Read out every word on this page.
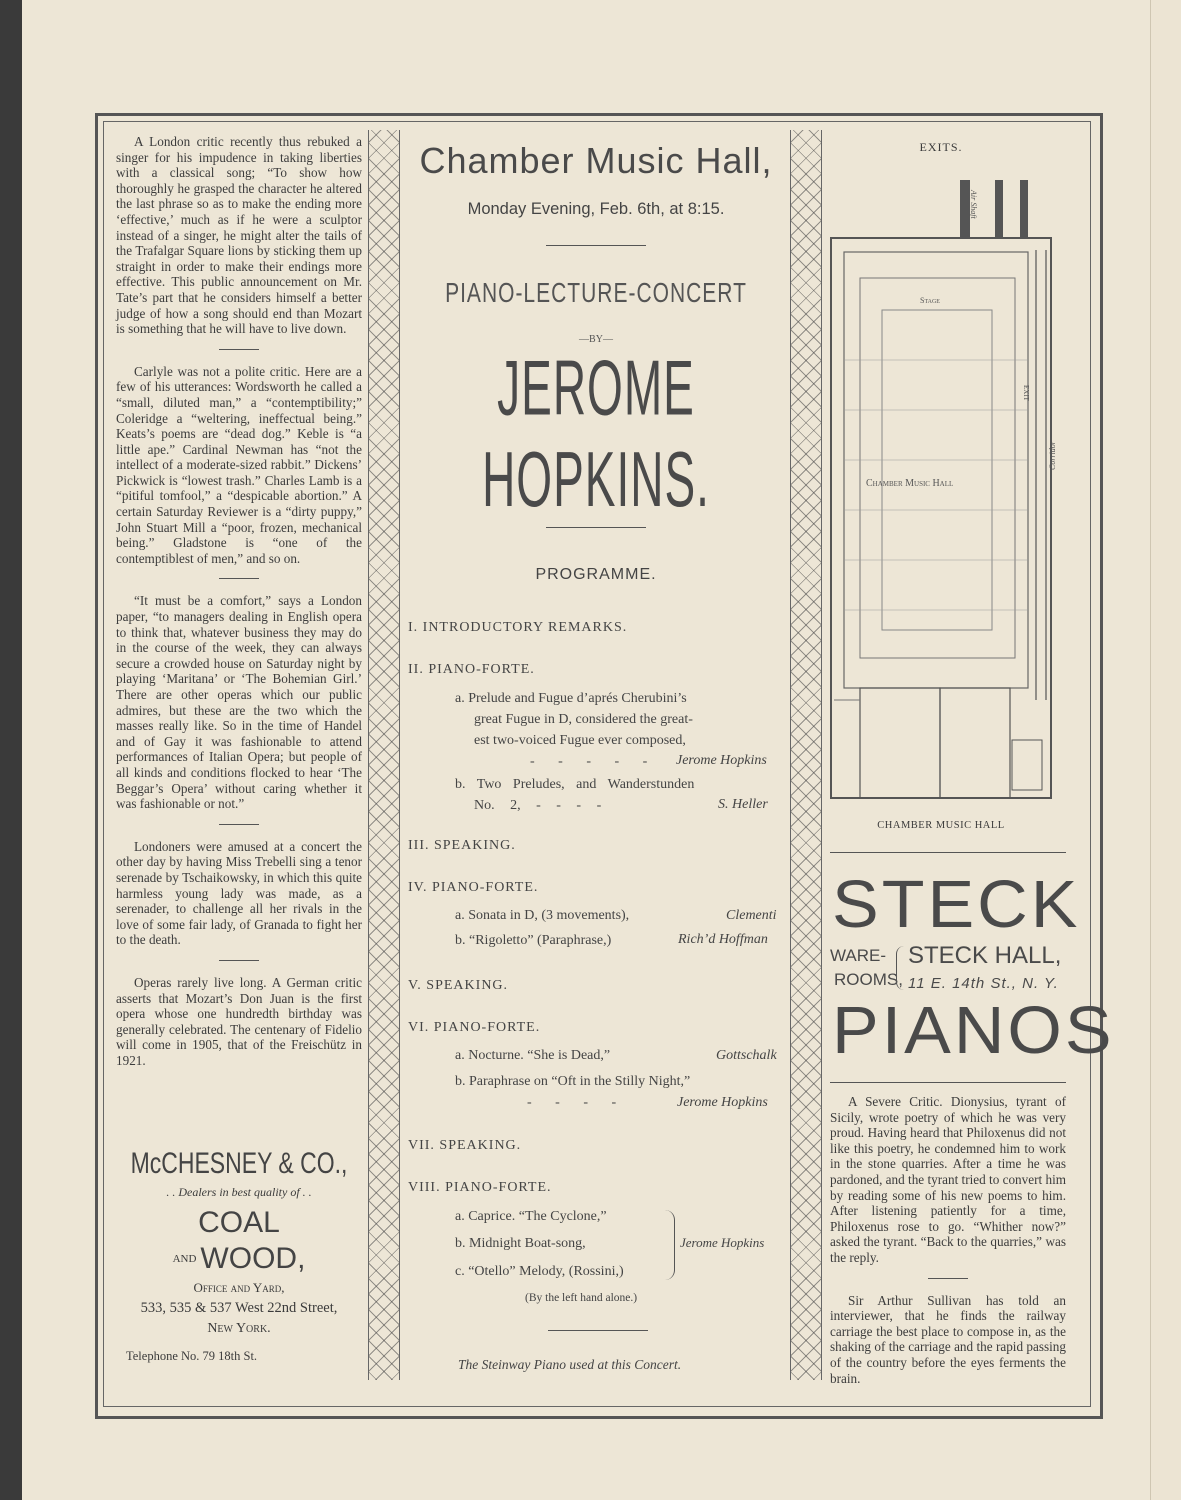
A London critic recently thus rebuked a singer for his impudence in taking liberties with a classical song; “To show how thoroughly he grasped the character he altered the last phrase so as to make the ending more ‘effective,’ much as if he were a sculptor instead of a singer, he might alter the tails of the Trafalgar Square lions by sticking them up straight in order to make their endings more effective. This public announcement on Mr. Tate’s part that he considers himself a better judge of how a song should end than Mozart is something that he will have to live down.

Carlyle was not a polite critic. Here are a few of his utterances: Wordsworth he called a “small, diluted man,” a “contemptibility;” Coleridge a “weltering, ineffectual being.” Keats’s poems are “dead dog.” Keble is “a little ape.” Cardinal Newman has “not the intellect of a moderate-sized rabbit.” Dickens’ Pickwick is “lowest trash.” Charles Lamb is a “pitiful tomfool,” a “despicable abortion.” A certain Saturday Reviewer is a “dirty puppy,” John Stuart Mill a “poor, frozen, mechanical being.” Gladstone is “one of the contemptiblest of men,” and so on.

“It must be a comfort,” says a London paper, “to managers dealing in English opera to think that, whatever business they may do in the course of the week, they can always secure a crowded house on Saturday night by playing ‘Maritana’ or ‘The Bohemian Girl.’ There are other operas which our public admires, but these are the two which the masses really like. So in the time of Handel and of Gay it was fashionable to attend performances of Italian Opera; but people of all kinds and conditions flocked to hear ‘The Beggar’s Opera’ without caring whether it was fashionable or not.”

Londoners were amused at a concert the other day by having Miss Trebelli sing a tenor serenade by Tschaikowsky, in which this quite harmless young lady was made, as a serenader, to challenge all her rivals in the love of some fair lady, of Granada to fight her to the death.

Operas rarely live long. A German critic asserts that Mozart’s Don Juan is the first opera whose one hundredth birthday was generally celebrated. The centenary of Fidelio will come in 1905, that of the Freischütz in 1921.

McCHESNEY & CO.,
. . Dealers in best quality of . .
COAL
AND WOOD,
Office and Yard,
533, 535 & 537 West 22nd Street,
New York.
Telephone No. 79 18th St.
Chamber Music Hall,
Monday Evening, Feb. 6th, at 8:15.
PIANO-LECTURE-CONCERT
—BY—
JEROME HOPKINS.
PROGRAMME.
I. INTRODUCTORY REMARKS.
II. PIANO-FORTE.
a. Prelude and Fugue d’aprés Cherubini’s
great Fugue in D, considered the great-
est two-voiced Fugue ever composed,
- - - - - Jerome Hopkins
b. Two Preludes, and Wanderstunden
No. 2, - - - -	S. Heller
III. SPEAKING.
IV. PIANO-FORTE.
a. Sonata in D, (3 movements),	Clementi
b. “Rigoletto” (Paraphrase,)	Rich’d Hoffman
V. SPEAKING.
VI. PIANO-FORTE.
a. Nocturne. “She is Dead,”	Gottschalk
b. Paraphrase on “Oft in the Stilly Night,”
- - - -	Jerome Hopkins
VII. SPEAKING.
VIII. PIANO-FORTE.
a. Caprice. “The Cyclone,”
b. Midnight Boat-song,
c. “Otello” Melody, (Rossini,)
Jerome Hopkins
(By the left hand alone.)
The Steinway Piano used at this Concert.
EXITS.
Air Shaft
Stage
Chamber Music Hall
Corridor
EXIT
CHAMBER MUSIC HALL
STECK
WARE-
ROOMS,
STECK HALL,
11 E. 14th St., N. Y.
PIANOS

A Severe Critic. Dionysius, tyrant of Sicily, wrote poetry of which he was very proud. Having heard that Philoxenus did not like this poetry, he condemned him to work in the stone quarries. After a time he was pardoned, and the tyrant tried to convert him by reading some of his new poems to him. After listening patiently for a time, Philoxenus rose to go. “Whither now?” asked the tyrant. “Back to the quarries,” was the reply.

Sir Arthur Sullivan has told an interviewer, that he finds the railway carriage the best place to compose in, as the shaking of the carriage and the rapid passing of the country before the eyes ferments the brain.
